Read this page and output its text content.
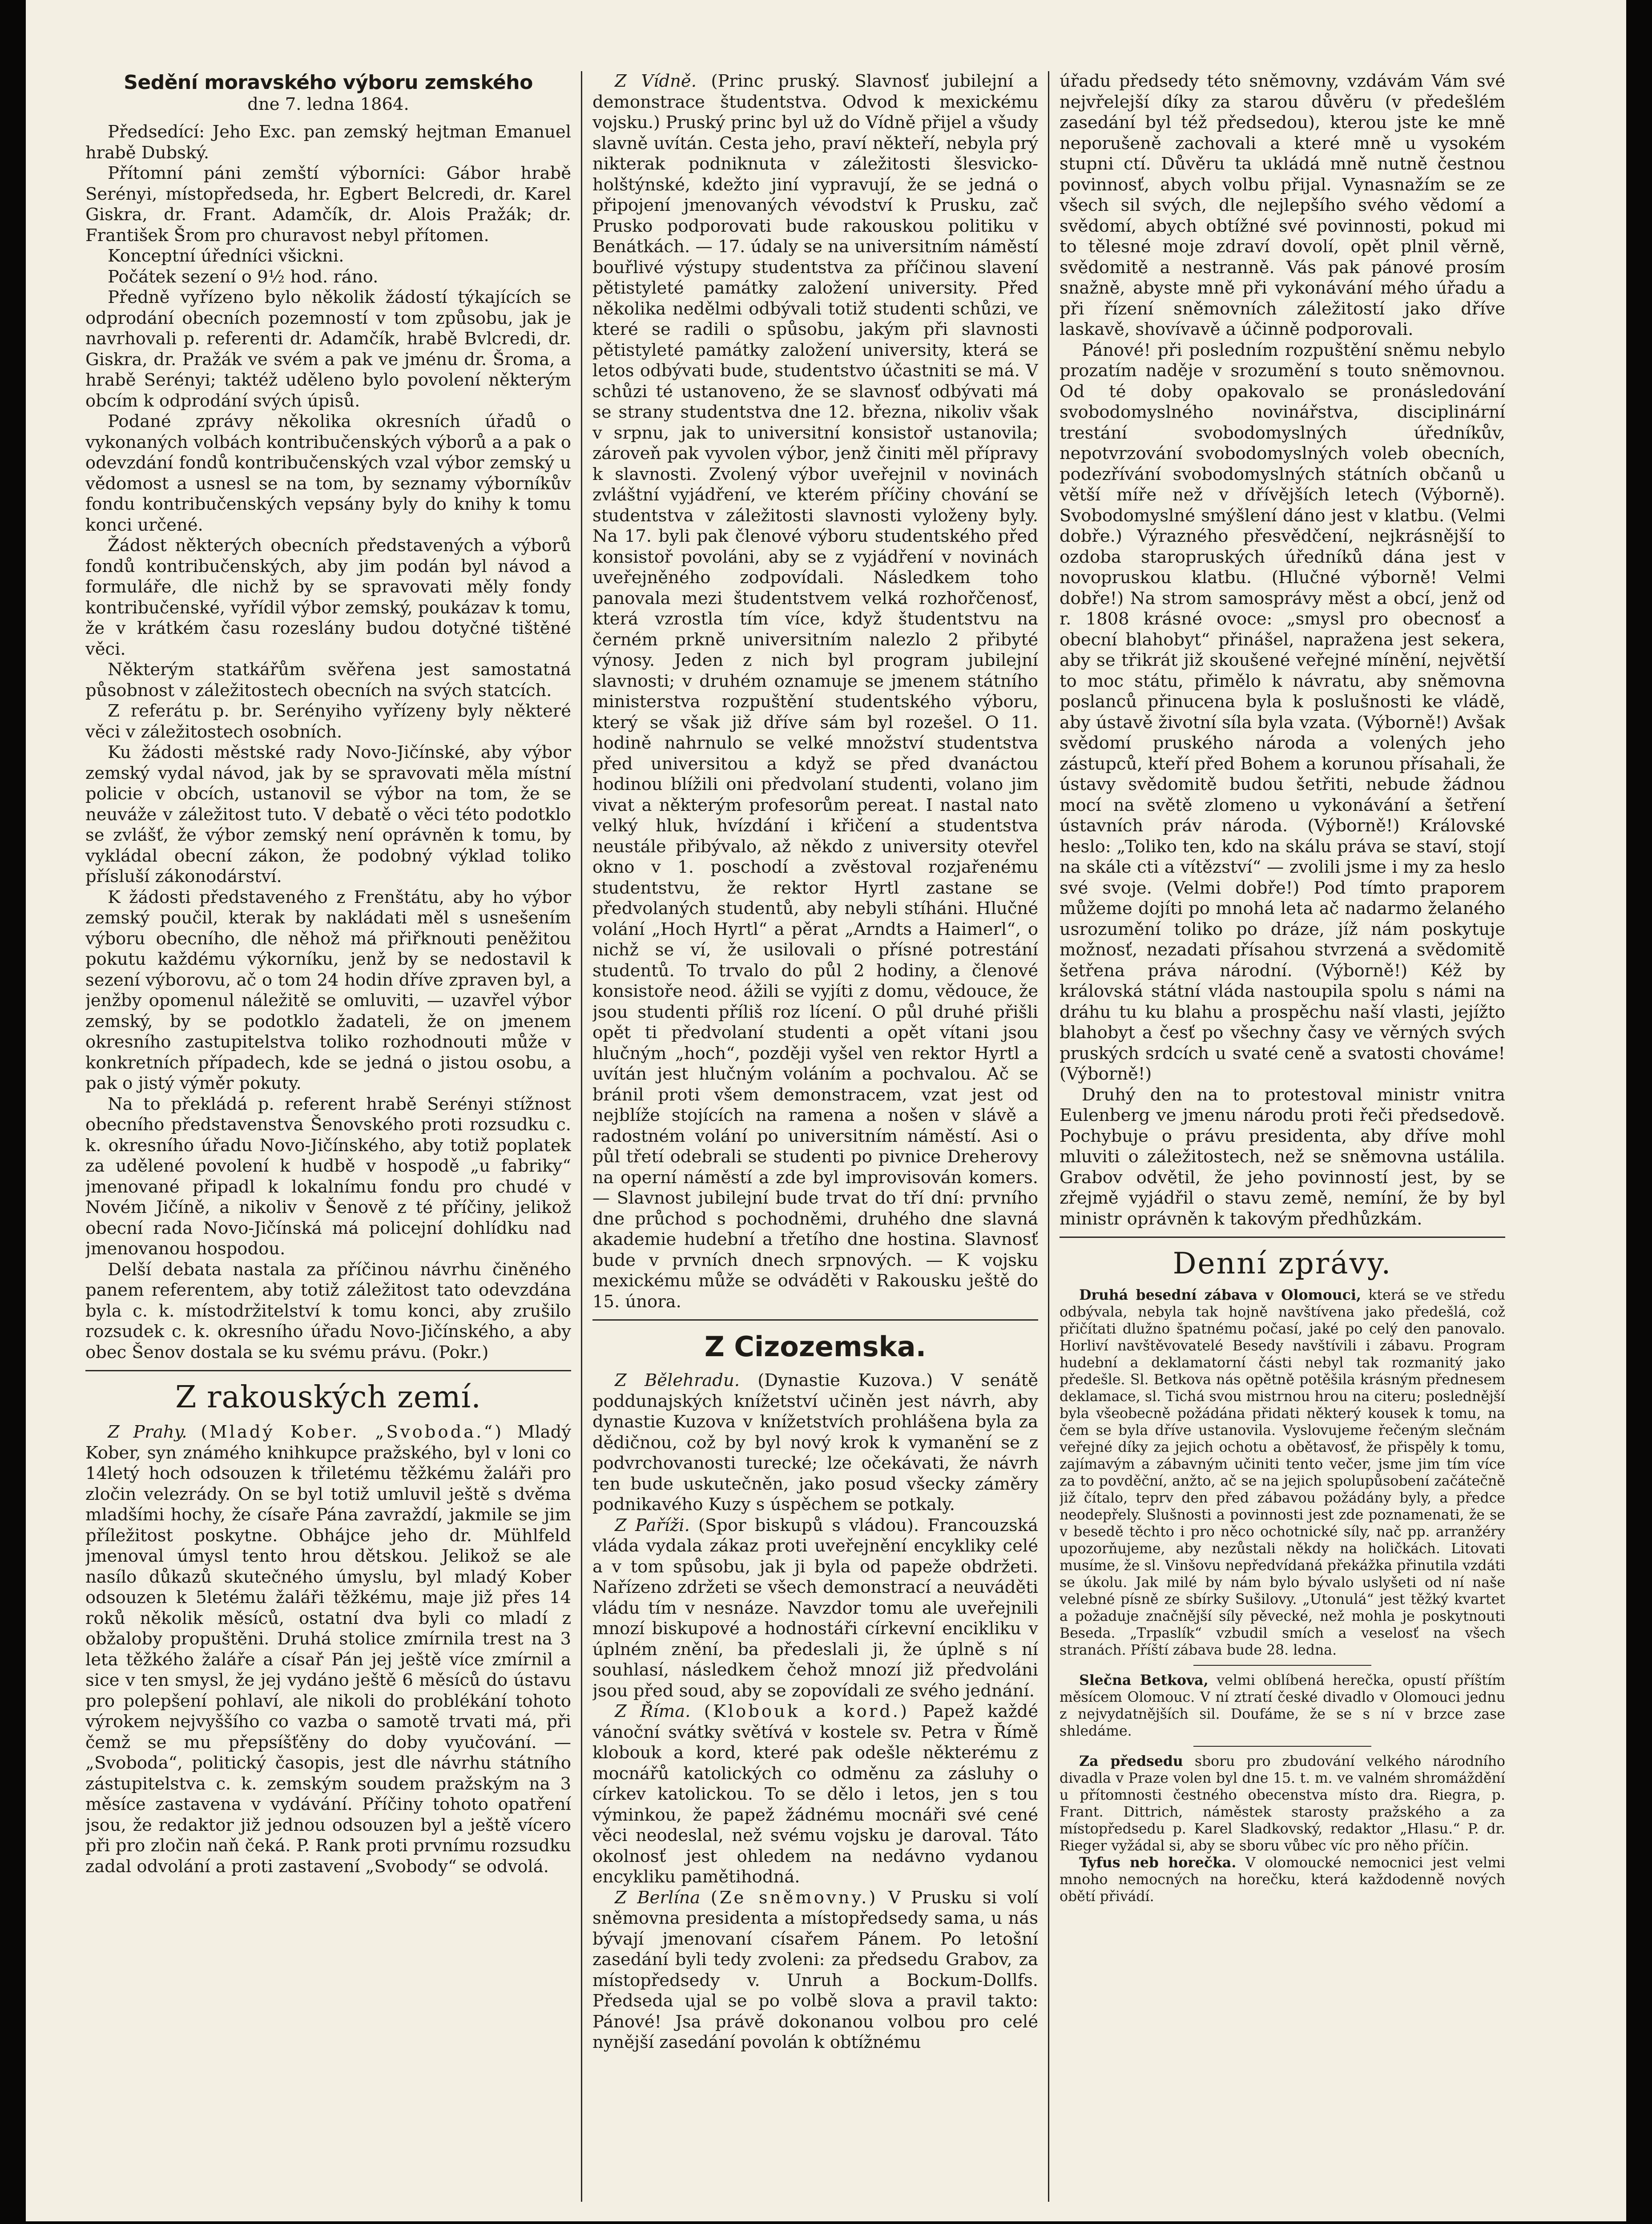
Sedění moravského výboru zemského
dne 7. ledna 1864.

Předsedící: Jeho Exc. pan zemský hejtman Emanuel hrabě Dubský.

Přítomní páni zemští výborníci: Gábor hrabě Serényi, místopředseda, hr. Egbert Belcredi, dr. Karel Giskra, dr. Frant. Adamčík, dr. Alois Pražák; dr. František Šrom pro churavost nebyl přítomen.

Konceptní úředníci všickni.

Počátek sezení o 9½ hod. ráno.

Předně vyřízeno bylo několik žádostí týkajících se odprodání obecních pozemností v tom způsobu, jak je navrhovali p. referenti dr. Adamčík, hrabě Bvlcredi, dr. Giskra, dr. Pražák ve svém a pak ve jménu dr. Šroma, a hrabě Serényi; taktéž uděleno bylo povolení některým obcím k odprodání svých úpisů.

Podané zprávy několika okresních úřadů o vykonaných volbách kontribučenských výborů a a pak o odevzdání fondů kontribučenských vzal výbor zemský u vědomost a usnesl se na tom, by seznamy výborníkův fondu kontribučenských vepsány byly do knihy k tomu konci určené.

Žádost některých obecních představených a výborů fondů kontribučenských, aby jim podán byl návod a formuláře, dle nichž by se spravovati měly fondy kontribučenské, vyřídil výbor zemský, poukázav k tomu, že v krátkém času rozeslány budou dotyčné tištěné věci.

Některým statkářům svěřena jest samostatná působnost v záležitostech obecních na svých statcích.

Z referátu p. br. Serényiho vyřízeny byly některé věci v záležitostech osobních.

Ku žádosti městské rady Novo-Jičínské, aby výbor zemský vydal návod, jak by se spravovati měla místní policie v obcích, ustanovil se výbor na tom, že se neuváže v záležitost tuto. V debatě o věci této podotklo se zvlášť, že výbor zemský není oprávněn k tomu, by vykládal obecní zákon, že podobný výklad toliko přísluší zákonodárství.

K žádosti představeného z Frenštátu, aby ho výbor zemský poučil, kterak by nakládati měl s usnešením výboru obecního, dle něhož má přiřknouti peněžitou pokutu každému výkorníku, jenž by se nedostavil k sezení výborovu, ač o tom 24 hodin dříve zpraven byl, a jenžby opomenul náležitě se omluviti, — uzavřel výbor zemský, by se podotklo žadateli, že on jmenem okresního zastupitelstva toliko rozhodnouti může v konkretních případech, kde se jedná o jistou osobu, a pak o jistý výměr pokuty.

Na to překládá p. referent hrabě Serényi stížnost obecního představenstva Šenovského proti rozsudku c. k. okresního úřadu Novo-Jičínského, aby totiž poplatek za udělené povolení k hudbě v hospodě „u fabriky“ jmenované připadl k lokalnímu fondu pro chudé v Novém Jičíně, a nikoliv v Šenově z té příčiny, jelikož obecní rada Novo-Jičínská má policejní dohlídku nad jmenovanou hospodou.

Delší debata nastala za příčinou návrhu činěného panem referentem, aby totiž záležitost tato odevzdána byla c. k. místodržitelství k tomu konci, aby zrušilo rozsudek c. k. okresního úřadu Novo-Jičínského, a aby obec Šenov dostala se ku svému právu. (Pokr.)

Z rakouských zemí.

Z Prahy. (Mladý Kober. „Svoboda.“) Mladý Kober, syn známého knihkupce pražského, byl v loni co 14letý hoch odsouzen k třiletému těžkému žaláři pro zločin velezrády. On se byl totiž umluvil ještě s dvěma mladšími hochy, že císaře Pána zavraždí, jakmile se jim příležitost poskytne. Obhájce jeho dr. Mühlfeld jmenoval úmysl tento hrou dětskou. Jelikož se ale nasílo důkazů skutečného úmyslu, byl mladý Kober odsouzen k 5letému žaláři těžkému, maje již přes 14 roků několik měsíců, ostatní dva byli co mladí z obžaloby propuštěni. Druhá stolice zmírnila trest na 3 leta těžkého žaláře a císař Pán jej ještě více zmírnil a sice v ten smysl, že jej vydáno ještě 6 měsíců do ústavu pro polepšení pohlaví, ale nikoli do problékání tohoto výrokem nejvyššího co vazba o samotě trvati má, při čemž se mu přepsíšťěny do doby vyučování. — „Svoboda“, politický časopis, jest dle návrhu státního zástupitelstva c. k. zemským soudem pražským na 3 měsíce zastavena v vydávání. Příčiny tohoto opatření jsou, že redaktor již jednou odsouzen byl a ještě vícero při pro zločin naň čeká. P. Rank proti prvnímu rozsudku zadal odvolání a proti zastavení „Svobody“ se odvolá.

Z Vídně. (Princ pruský. Slavnosť jubilejní a demonstrace študentstva. Odvod k mexickému vojsku.) Pruský princ byl už do Vídně přijel a všudy slavně uvítán. Cesta jeho, praví někteří, nebyla prý nikterak podniknuta v záležitosti šlesvicko-holštýnské, kdežto jiní vypravují, že se jedná o připojení jmenovaných vévodství k Prusku, zač Prusko podporovati bude rakouskou politiku v Benátkách. — 17. údaly se na universitním náměstí bouřlivé výstupy studentstva za příčinou slavení pětistyleté památky založení university. Před několika nedělmi odbývali totiž studenti schůzi, ve které se radili o spůsobu, jakým při slavnosti pětistyleté památky založení university, která se letos odbývati bude, studentstvo účastniti se má. V schůzi té ustanoveno, že se slavnosť odbývati má se strany studentstva dne 12. března, nikoliv však v srpnu, jak to universitní konsistoř ustanovila; zároveň pak vyvolen výbor, jenž činiti měl přípravy k slavnosti. Zvolený výbor uveřejnil v novinách zvláštní vyjádření, ve kterém příčiny chování se studentstva v záležitosti slavnosti vyloženy byly. Na 17. byli pak členové výboru studentského před konsistoř povoláni, aby se z vyjádření v novinách uveřejněného zodpovídali. Následkem toho panovala mezi študentstvem velká rozhořčenosť, která vzrostla tím více, když študentstvu na černém prkně universitním nalezlo 2 přibyté výnosy. Jeden z nich byl program jubilejní slavnosti; v druhém oznamuje se jmenem státního ministerstva rozpuštění studentského výboru, který se však již dříve sám byl rozešel. O 11. hodině nahrnulo se velké množství studentstva před universitou a když se před dvanáctou hodinou blížili oni předvolaní studenti, volano jim vivat a některým profesorům pereat. I nastal nato velký hluk, hvízdání i křičení a studentstva neustále přibývalo, až někdo z university otevřel okno v 1. poschodí a zvěstoval rozjařenému studentstvu, že rektor Hyrtl zastane se předvolaných studentů, aby nebyli stíháni. Hlučné volání „Hoch Hyrtl“ a pěrat „Arndts a Haimerl“, o nichž se ví, že usilovali o přísné potrestání studentů. To trvalo do půl 2 hodiny, a členové konsistoře neod. ážili se vyjíti z domu, vědouce, že jsou studenti příliš roz lícení. O půl druhé přišli opět ti předvolaní studenti a opět vítani jsou hlučným „hoch“, později vyšel ven rektor Hyrtl a uvítán jest hlučným voláním a pochvalou. Ač se bránil proti všem demonstracem, vzat jest od nejblíže stojících na ramena a nošen v slávě a radostném volání po universitním náměstí. Asi o půl třetí odebrali se studenti po pivnice Dreherovy na operní náměstí a zde byl improvisován komers. — Slavnost jubilejní bude trvat do tří dní: prvního dne průchod s pochodněmi, druhého dne slavná akademie hudební a třetího dne hostina. Slavnosť bude v prvních dnech srpnových. — K vojsku mexickému může se odváděti v Rakousku ještě do 15. února.

Z Cizozemska.

Z Bělehradu. (Dynastie Kuzova.) V senátě poddunajských knížetství učiněn jest návrh, aby dynastie Kuzova v knížetstvích prohlášena byla za dědičnou, což by byl nový krok k vymanění se z podvrchovanosti turecké; lze očekávati, že návrh ten bude uskutečněn, jako posud všecky záměry podnikavého Kuzy s úspěchem se potkaly.

Z Paříži. (Spor biskupů s vládou). Francouzská vláda vydala zákaz proti uveřejnění encykliky celé a v tom spůsobu, jak ji byla od papeže obdržeti. Nařízeno zdržeti se všech demonstrací a neuváděti vládu tím v nesnáze. Navzdor tomu ale uveřejnili mnozí biskupové a hodnostáři církevní encikliku v úplném znění, ba předeslali ji, že úplně s ní souhlasí, následkem čehož mnozí již předvoláni jsou před soud, aby se zopovídali ze svého jednání.

Z Říma. (Klobouk a kord.) Papež každé vánoční svátky světívá v kostele sv. Petra v Římě klobouk a kord, které pak odešle některému z mocnářů katolických co odměnu za zásluhy o církev katolickou. To se dělo i letos, jen s tou výminkou, že papež žádnému mocnáři své cené věci neodeslal, než svému vojsku je daroval. Táto okolnosť jest ohledem na nedávno vydanou encykliku pamětihodná.

Z Berlína (Ze sněmovny.) V Prusku si volí sněmovna presidenta a místopředsedy sama, u nás bývají jmenovaní císařem Pánem. Po letošní zasedání byli tedy zvoleni: za předsedu Grabov, za místopředsedy v. Unruh a Bockum-Dollfs. Předseda ujal se po volbě slova a pravil takto: Pánové! Jsa právě dokonanou volbou pro celé nynější zasedání povolán k obtížnému

úřadu předsedy této sněmovny, vzdávám Vám své nejvřelejší díky za starou důvěru (v předešlém zasedání byl též předsedou), kterou jste ke mně neporušeně zachovali a které mně u vysokém stupni ctí. Důvěru ta ukládá mně nutně čestnou povinnosť, abych volbu přijal. Vynasnažím se ze všech sil svých, dle nejlepšího svého vědomí a svědomí, abych obtížné své povinnosti, pokud mi to tělesné moje zdraví dovolí, opět plnil věrně, svědomitě a nestranně. Vás pak pánové prosím snažně, abyste mně při vykonávání mého úřadu a při řízení sněmovních záležitostí jako dříve laskavě, shovívavě a účinně podporovali.

Pánové! při posledním rozpuštění sněmu nebylo prozatím naděje v srozumění s touto sněmovnou. Od té doby opakovalo se pronásledování svobodomyslného novinářstva, disciplinární trestání svobodomyslných úředníkův, nepotvrzování svobodomyslných voleb obecních, podezřívání svobodomyslných státních občanů u větší míře než v dřívějších letech (Výborně). Svobodomyslné smýšlení dáno jest v klatbu. (Velmi dobře.) Výrazného přesvědčení, nejkrásnější to ozdoba staropruských úředníků dána jest v novopruskou klatbu. (Hlučné výborně! Velmi dobře!) Na strom samosprávy měst a obcí, jenž od r. 1808 krásné ovoce: „smysl pro obecnosť a obecní blahobyt“ přinášel, napražena jest sekera, aby se třikrát již skoušené veřejné mínění, největší to moc státu, přimělo k návratu, aby sněmovna poslanců přinucena byla k poslušnosti ke vládě, aby ústavě životní síla byla vzata. (Výborně!) Avšak svědomí pruského národa a volených jeho zástupců, kteří před Bohem a korunou přísahali, že ústavy svědomitě budou šetřiti, nebude žádnou mocí na světě zlomeno u vykonávání a šetření ústavních práv národa. (Výborně!) Královské heslo: „Toliko ten, kdo na skálu práva se staví, stojí na skále cti a vítězství“ — zvolili jsme i my za heslo své svoje. (Velmi dobře!) Pod tímto praporem můžeme dojíti po mnohá leta ač nadarmo želaného usrozumění toliko po dráze, jíž nám poskytuje možnosť, nezadati přísahou stvrzená a svědomitě šetřena práva národní. (Výborně!) Kéž by královská státní vláda nastoupila spolu s námi na dráhu tu ku blahu a prospěchu naší vlasti, jejížto blahobyt a česť po všechny časy ve věrných svých pruských srdcích u svaté ceně a svatosti chováme! (Výborně!)

Druhý den na to protestoval ministr vnitra Eulenberg ve jmenu národu proti řeči předsedově. Pochybuje o právu presidenta, aby dříve mohl mluviti o záležitostech, než se sněmovna ustálila. Grabov odvětil, že jeho povinností jest, by se zřejmě vyjádřil o stavu země, nemíní, že by byl ministr oprávněn k takovým předhůzkám.

Denní zprávy.

Druhá besední zábava v Olomouci, která se ve středu odbývala, nebyla tak hojně navštívena jako předešlá, což přičítati dlužno špatnému počasí, jaké po celý den panovalo. Horliví navštěvovatelé Besedy navštívili i zábavu. Program hudební a deklamatorní části nebyl tak rozmanitý jako předešle. Sl. Betkova nás opětně potěšila krásným přednesem deklamace, sl. Tichá svou mistrnou hrou na citeru; poslednější byla všeobecně požádána přidati některý kousek k tomu, na čem se byla dříve ustanovila. Vyslovujeme řečeným slečnám veřejné díky za jejich ochotu a obětavosť, že přispěly k tomu, zajímavým a zábavným učiniti tento večer, jsme jim tím více za to povděční, anžto, ač se na jejich spolupůsobení začátečně již čítalo, teprv den před zábavou požádány byly, a předce neodepřely. Slušnosti a povinnosti jest zde poznamenati, že se v besedě těchto i pro něco ochotnické síly, nač pp. arranžéry upozorňujeme, aby nezůstali někdy na holičkách. Litovati musíme, že sl. Vinšovu nepředvídaná překážka přinutila vzdáti se úkolu. Jak milé by nám bylo bývalo uslyšeti od ní naše velebné písně ze sbírky Sušilovy. „Utonulá“ jest těžký kvartet a požaduje značnější síly pěvecké, než mohla je poskytnouti Beseda. „Trpaslík“ vzbudil smích a veselosť na všech stranách. Příští zábava bude 28. ledna.

Slečna Betkova, velmi oblíbená herečka, opustí příštím měsícem Olomouc. V ní ztratí české divadlo v Olomouci jednu z nejvydatnějších sil. Doufáme, že se s ní v brzce zase shledáme.

Za předsedu sboru pro zbudování velkého národního divadla v Praze volen byl dne 15. t. m. ve valném shromáždění u přítomnosti čestného obecenstva místo dra. Riegra, p. Frant. Dittrich, náměstek starosty pražského a za místopředsedu p. Karel Sladkovský, redaktor „Hlasu.“ P. dr. Rieger vyžádal si, aby se sboru vůbec víc pro něho příčin.

Tyfus neb horečka. V olomoucké nemocnici jest velmi mnoho nemocných na horečku, která každodenně nových obětí přivádí.
